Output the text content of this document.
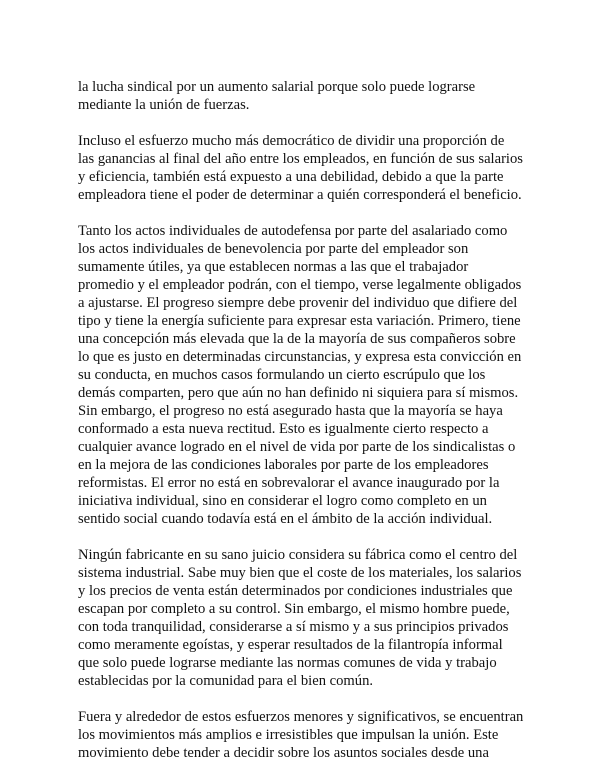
la lucha sindical por un aumento salarial porque solo puede lograrse
mediante la unión de fuerzas.

Incluso el esfuerzo mucho más democrático de dividir una proporción de
las ganancias al final del año entre los empleados, en función de sus salarios
y eficiencia, también está expuesto a una debilidad, debido a que la parte
empleadora tiene el poder de determinar a quién corresponderá el beneficio.

Tanto los actos individuales de autodefensa por parte del asalariado como
los actos individuales de benevolencia por parte del empleador son
sumamente útiles, ya que establecen normas a las que el trabajador
promedio y el empleador podrán, con el tiempo, verse legalmente obligados
a ajustarse. El progreso siempre debe provenir del individuo que difiere del
tipo y tiene la energía suficiente para expresar esta variación. Primero, tiene
una concepción más elevada que la de la mayoría de sus compañeros sobre
lo que es justo en determinadas circunstancias, y expresa esta convicción en
su conducta, en muchos casos formulando un cierto escrúpulo que los
demás comparten, pero que aún no han definido ni siquiera para sí mismos.
Sin embargo, el progreso no está asegurado hasta que la mayoría se haya
conformado a esta nueva rectitud. Esto es igualmente cierto respecto a
cualquier avance logrado en el nivel de vida por parte de los sindicalistas o
en la mejora de las condiciones laborales por parte de los empleadores
reformistas. El error no está en sobrevalorar el avance inaugurado por la
iniciativa individual, sino en considerar el logro como completo en un
sentido social cuando todavía está en el ámbito de la acción individual.

Ningún fabricante en su sano juicio considera su fábrica como el centro del
sistema industrial. Sabe muy bien que el coste de los materiales, los salarios
y los precios de venta están determinados por condiciones industriales que
escapan por completo a su control. Sin embargo, el mismo hombre puede,
con toda tranquilidad, considerarse a sí mismo y a sus principios privados
como meramente egoístas, y esperar resultados de la filantropía informal
que solo puede lograrse mediante las normas comunes de vida y trabajo
establecidas por la comunidad para el bien común.

Fuera y alrededor de estos esfuerzos menores y significativos, se encuentran
los movimientos más amplios e irresistibles que impulsan la unión. Este
movimiento debe tender a decidir sobre los asuntos sociales desde una
